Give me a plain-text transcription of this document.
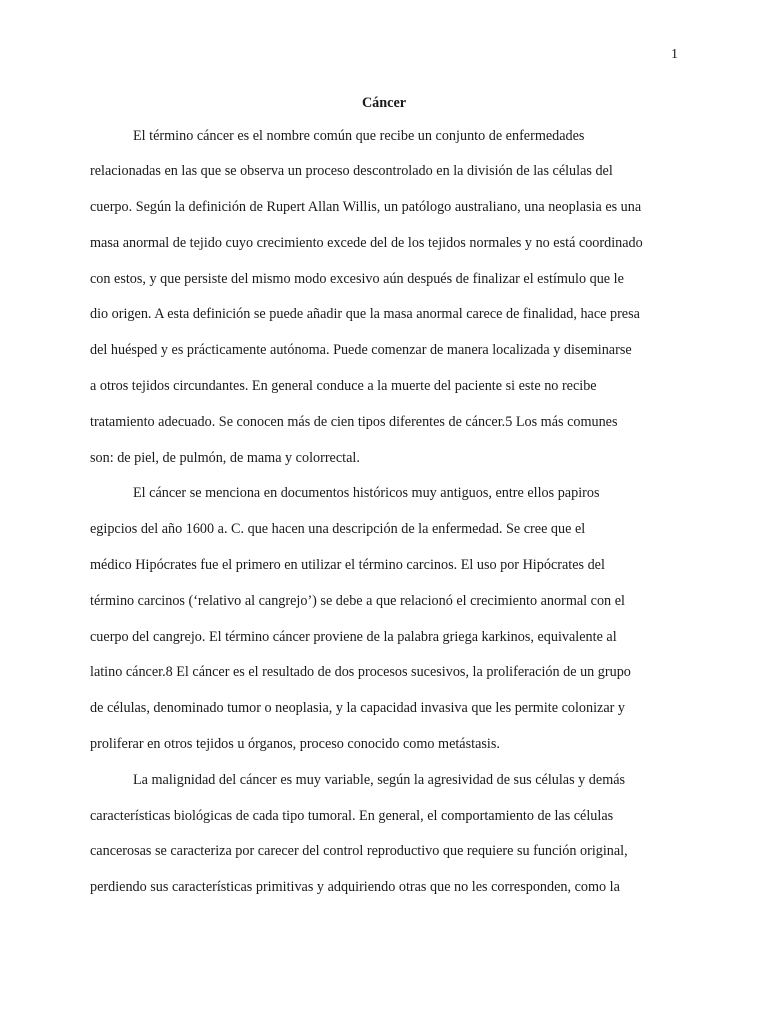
1
Cáncer
El término cáncer es el nombre común que recibe un conjunto de enfermedades
relacionadas en las que se observa un proceso descontrolado en la división de las células del
cuerpo. Según la definición de Rupert Allan Willis, un patólogo australiano, una neoplasia es una
masa anormal de tejido cuyo crecimiento excede del de los tejidos normales y no está coordinado
con estos, y que persiste del mismo modo excesivo aún después de finalizar el estímulo que le
dio origen. A esta definición se puede añadir que la masa anormal carece de finalidad, hace presa
del huésped y es prácticamente autónoma. Puede comenzar de manera localizada y diseminarse
a otros tejidos circundantes. En general conduce a la muerte del paciente si este no recibe
tratamiento adecuado. Se conocen más de cien tipos diferentes de cáncer.5 Los más comunes
son: de piel, de pulmón, de mama y colorrectal.
El cáncer se menciona en documentos históricos muy antiguos, entre ellos papiros
egipcios del año 1600 a. C. que hacen una descripción de la enfermedad. Se cree que el
médico Hipócrates fue el primero en utilizar el término carcinos. El uso por Hipócrates del
término carcinos (‘relativo al cangrejo’) se debe a que relacionó el crecimiento anormal con el
cuerpo del cangrejo. El término cáncer proviene de la palabra griega karkinos, equivalente al
latino cáncer.8 El cáncer es el resultado de dos procesos sucesivos, la proliferación de un grupo
de células, denominado tumor o neoplasia, y la capacidad invasiva que les permite colonizar y
proliferar en otros tejidos u órganos, proceso conocido como metástasis.
La malignidad del cáncer es muy variable, según la agresividad de sus células y demás
características biológicas de cada tipo tumoral. En general, el comportamiento de las células
cancerosas se caracteriza por carecer del control reproductivo que requiere su función original,
perdiendo sus características primitivas y adquiriendo otras que no les corresponden, como la
